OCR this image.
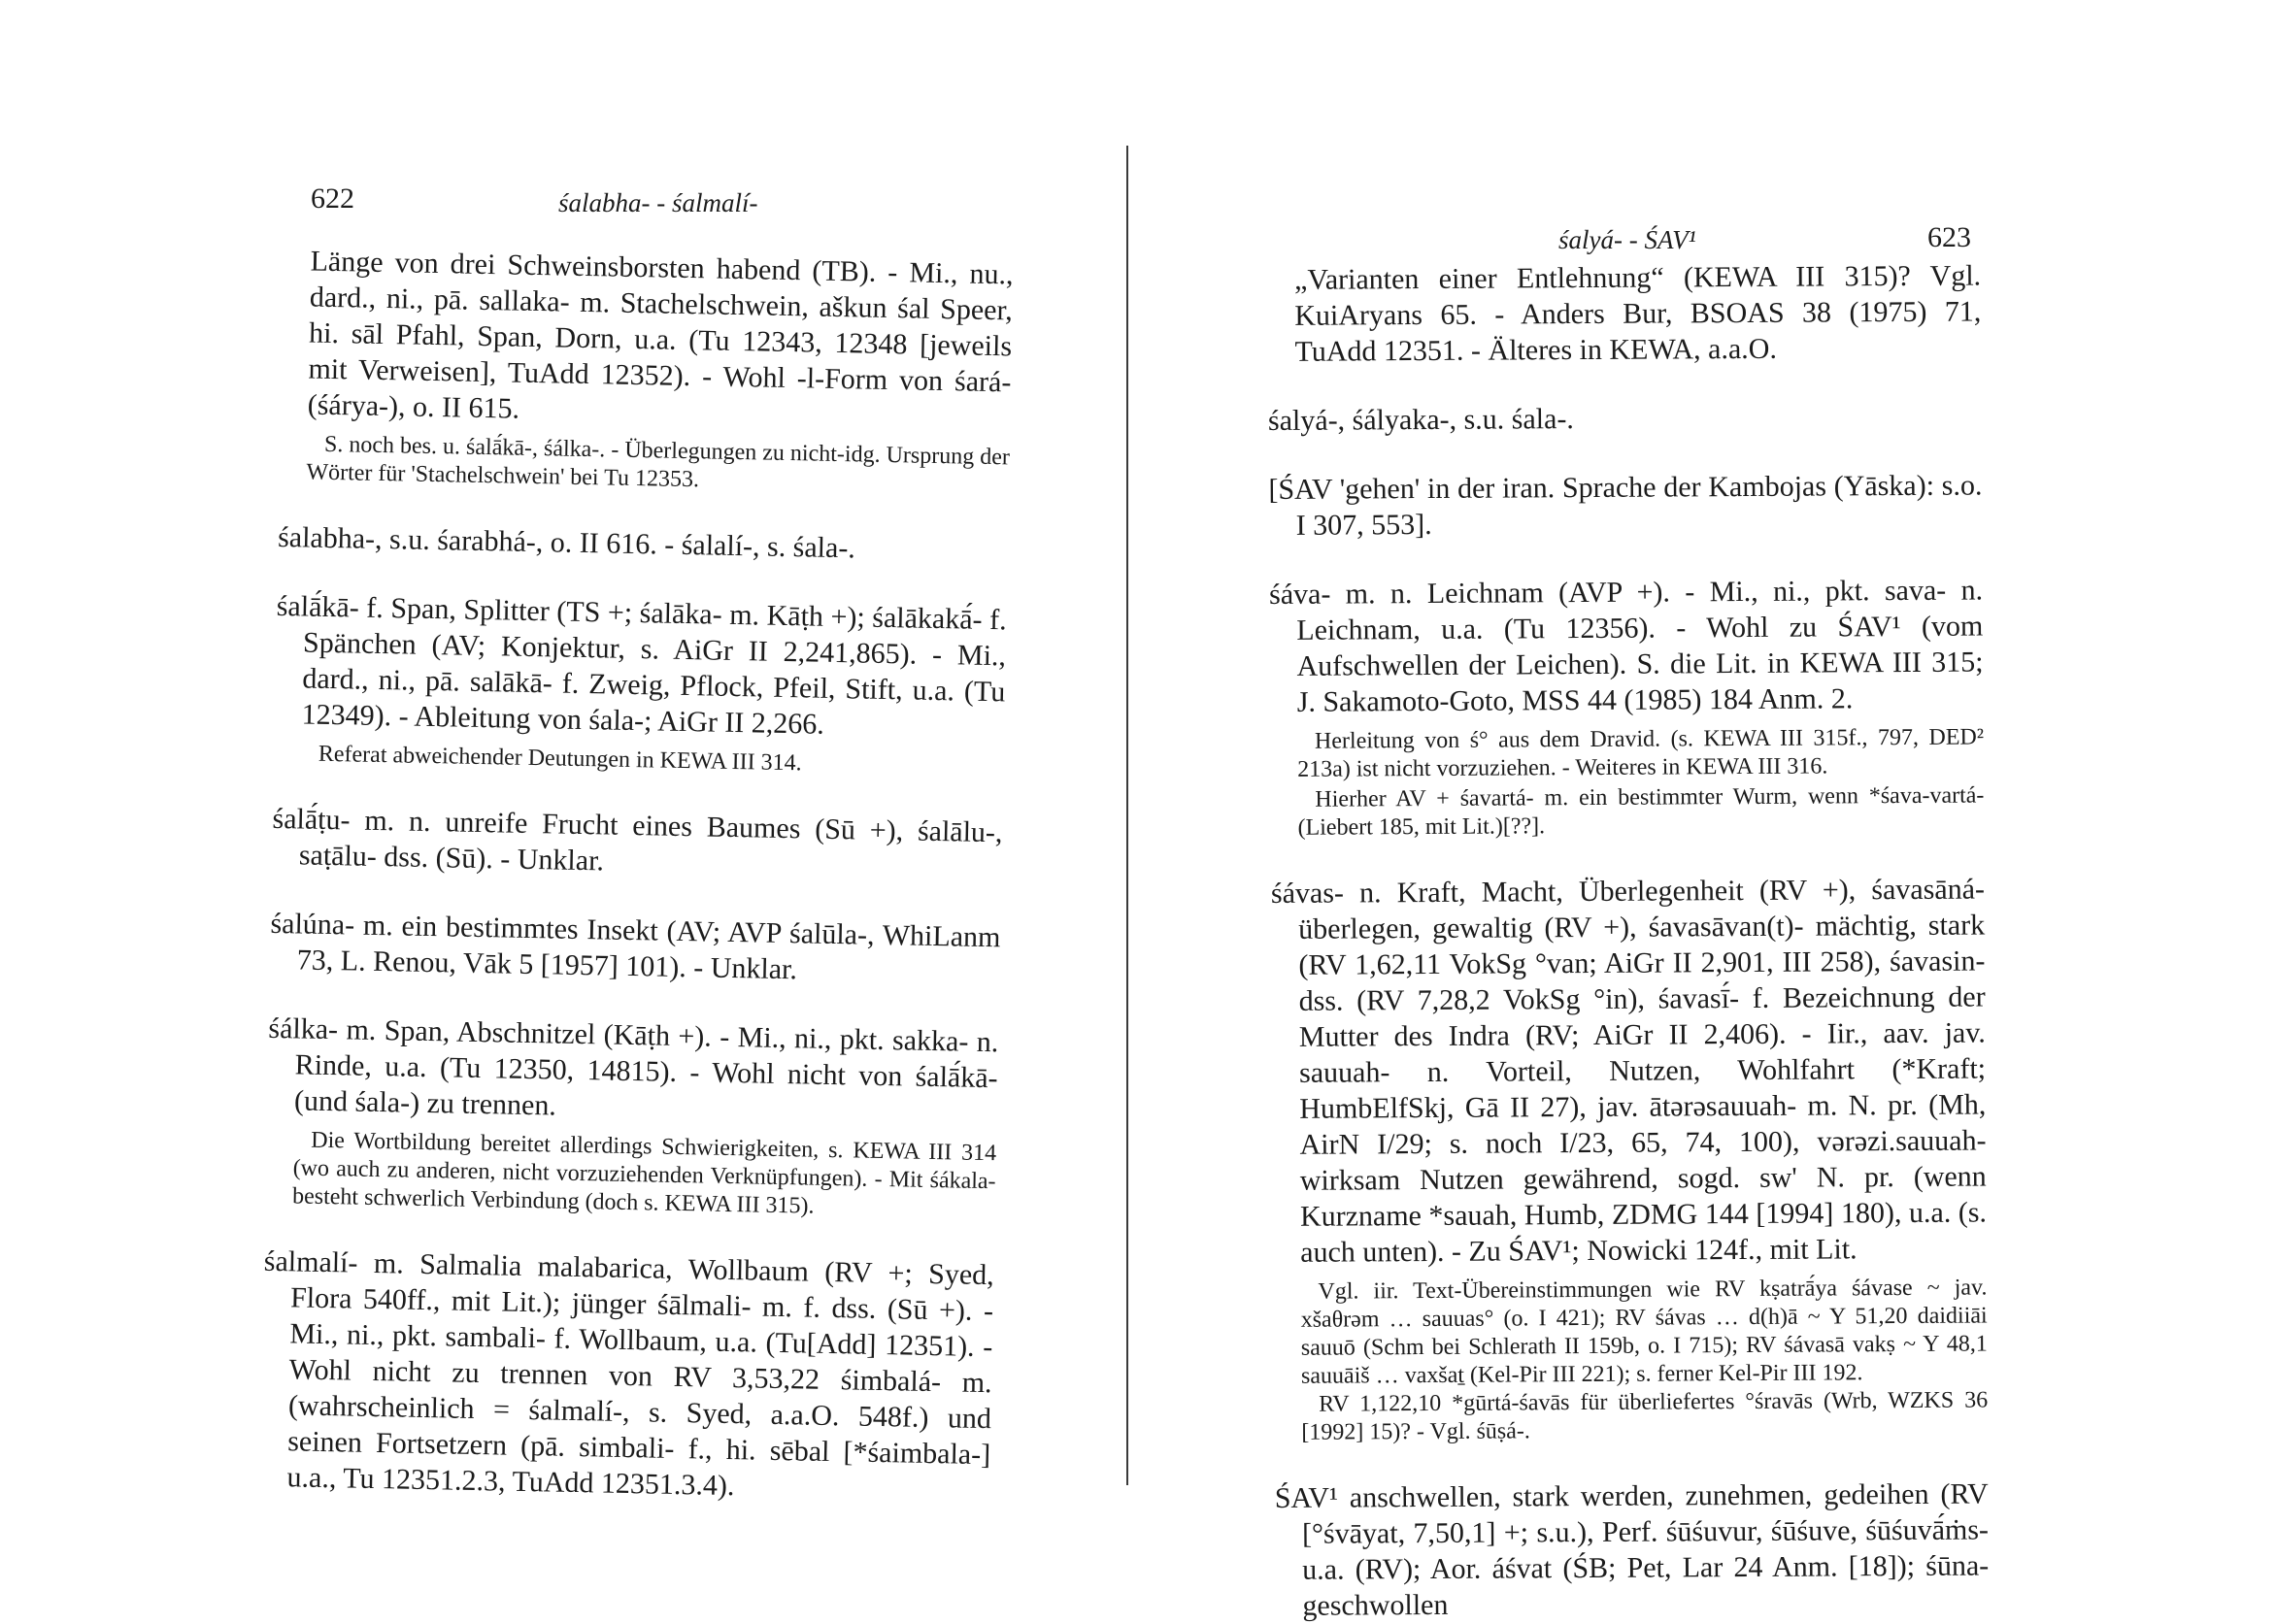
622	śalabha- - śalmalí-
śalyá- - ŚAV¹	623

Länge von drei Schweinsborsten habend (TB). - Mi., nu., dard., ni., pā. sallaka- m. Stachelschwein, aškun śal Speer, hi. sāl Pfahl, Span, Dorn, u.a. (Tu 12343, 12348 [jeweils mit Verweisen], TuAdd 12352). - Wohl -l-Form von śará- (śárya-), o. II 615.

S. noch bes. u. śalā́kā-, śálka-. - Überlegungen zu nicht-idg. Ursprung der Wörter für 'Stachelschwein' bei Tu 12353.

śalabha-, s.u. śarabhá-, o. II 616. - śalalí-, s. śala-.

śalā́kā- f. Span, Splitter (TS +; śalāka- m. Kāṭh +); śalākakā́- f. Spänchen (AV; Konjektur, s. AiGr II 2,241,865). - Mi., dard., ni., pā. salākā- f. Zweig, Pflock, Pfeil, Stift, u.a. (Tu 12349). - Ableitung von śala-; AiGr II 2,266.

Referat abweichender Deutungen in KEWA III 314.

śalā́ṭu- m. n. unreife Frucht eines Baumes (Sū +), śalālu-, saṭālu- dss. (Sū). - Unklar.

śalúna- m. ein bestimmtes Insekt (AV; AVP śalūla-, WhiLanm 73, L. Renou, Vāk 5 [1957] 101). - Unklar.

śálka- m. Span, Abschnitzel (Kāṭh +). - Mi., ni., pkt. sakka- n. Rinde, u.a. (Tu 12350, 14815). - Wohl nicht von śalā́kā- (und śala-) zu trennen.

Die Wortbildung bereitet allerdings Schwierigkeiten, s. KEWA III 314 (wo auch zu anderen, nicht vorzuziehenden Verknüpfungen). - Mit śákala- besteht schwerlich Verbindung (doch s. KEWA III 315).

śalmalí- m. Salmalia malabarica, Wollbaum (RV +; Syed, Flora 540ff., mit Lit.); jünger śālmali- m. f. dss. (Sū +). - Mi., ni., pkt. sambali- f. Wollbaum, u.a. (Tu[Add] 12351). - Wohl nicht zu trennen von RV 3,53,22 śimbalá- m. (wahrscheinlich = śalmalí-, s. Syed, a.a.O. 548f.) und seinen Fortsetzern (pā. simbali- f., hi. sēbal [*śaimbala-] u.a., Tu 12351.2.3, TuAdd 12351.3.4).

„Varianten einer Entlehnung“ (KEWA III 315)? Vgl. KuiAryans 65. - Anders Bur, BSOAS 38 (1975) 71, TuAdd 12351. - Älteres in KEWA, a.a.O.

śalyá-, śályaka-, s.u. śala-.

[ŚAV 'gehen' in der iran. Sprache der Kambojas (Yāska): s.o. I 307, 553].

śáva- m. n. Leichnam (AVP +). - Mi., ni., pkt. sava- n. Leichnam, u.a. (Tu 12356). - Wohl zu ŚAV¹ (vom Aufschwellen der Leichen). S. die Lit. in KEWA III 315; J. Sakamoto-Goto, MSS 44 (1985) 184 Anm. 2.

Herleitung von ś° aus dem Dravid. (s. KEWA III 315f., 797, DED² 213a) ist nicht vorzuziehen. - Weiteres in KEWA III 316.

Hierher AV + śavartá- m. ein bestimmter Wurm, wenn *śava-vartá- (Liebert 185, mit Lit.)[??].

śávas- n. Kraft, Macht, Überlegenheit (RV +), śavasāná- überlegen, gewaltig (RV +), śavasāvan(t)- mächtig, stark (RV 1,62,11 VokSg °van; AiGr II 2,901, III 258), śavasin- dss. (RV 7,28,2 VokSg °in), śavasī́- f. Bezeichnung der Mutter des Indra (RV; AiGr II 2,406). - Iir., aav. jav. sauuah- n. Vorteil, Nutzen, Wohlfahrt (*Kraft; HumbElfSkj, Gā II 27), jav. ātərəsauuah- m. N. pr. (Mh, AirN I/29; s. noch I/23, 65, 74, 100), vərəzi.sauuah- wirksam Nutzen gewährend, sogd. sw' N. pr. (wenn Kurzname *sauah, Humb, ZDMG 144 [1994] 180), u.a. (s. auch unten). - Zu ŚAV¹; Nowicki 124f., mit Lit.

Vgl. iir. Text-Übereinstimmungen wie RV kṣatrā́ya śávase ~ jav. xšaθrəm … sauuas° (o. I 421); RV śávas … d(h)ā ~ Y 51,20 daidiiāi sauuō (Schm bei Schlerath II 159b, o. I 715); RV śávasā vakṣ ~ Y 48,1 sauuāiš … vaxšaṯ (Kel-Pir III 221); s. ferner Kel-Pir III 192.

RV 1,122,10 *gūrtá-śavās für überliefertes °śravās (Wrb, WZKS 36 [1992] 15)? - Vgl. śūṣá-.

ŚAV¹ anschwellen, stark werden, zunehmen, gedeihen (RV [°śvāyat, 7,50,1] +; s.u.), Perf. śūśuvur, śūśuve, śūśuvā́ṁs- u.a. (RV); Aor. áśvat (ŚB; Pet, Lar 24 Anm. [18]); śūna- geschwollen
